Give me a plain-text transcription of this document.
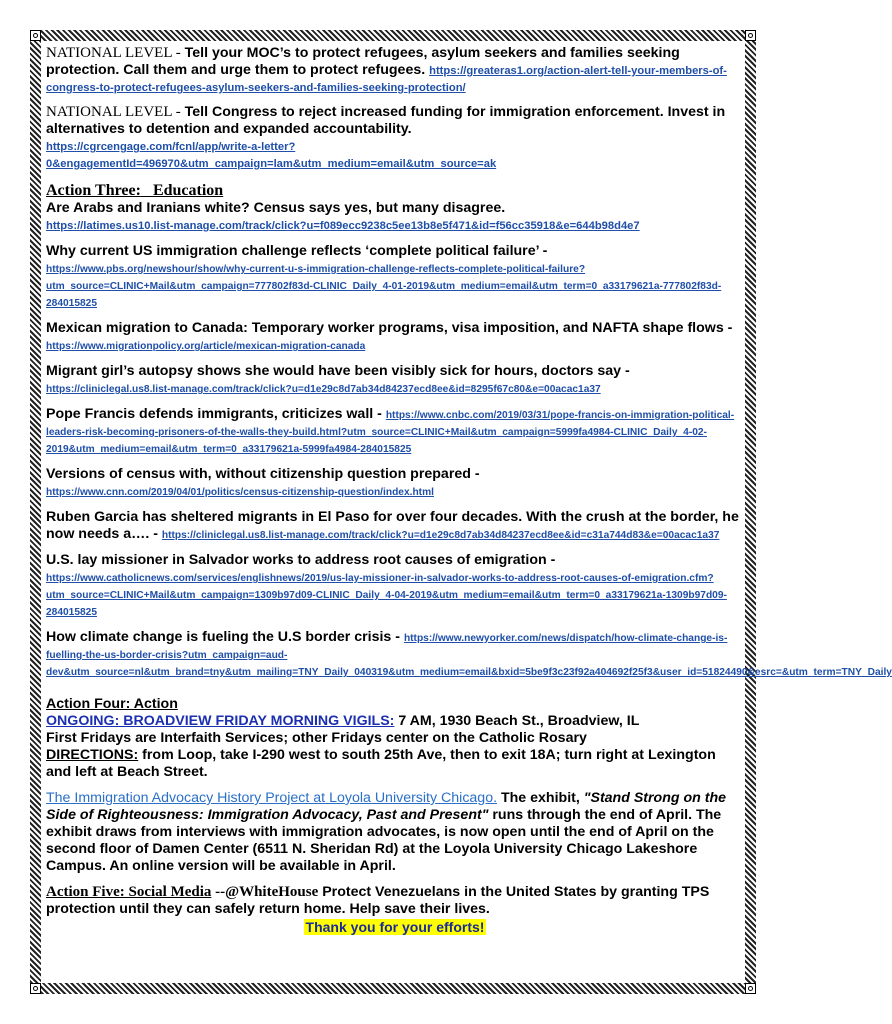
NATIONAL LEVEL - Tell your MOC’s to protect refugees, asylum seekers and families seeking protection. Call them and urge them to protect refugees. https://greateras1.org/action-alert-tell-your-members-of-congress-to-protect-refugees-asylum-seekers-and-families-seeking-protection/
NATIONAL LEVEL - Tell Congress to reject increased funding for immigration enforcement. Invest in alternatives to detention and expanded accountability.
https://cgrcengage.com/fcnl/app/write-a-letter?0&engagementId=496970&utm_campaign=lam&utm_medium=email&utm_source=ak
Action Three: Education
Are Arabs and Iranians white? Census says yes, but many disagree.
https://latimes.us10.list-manage.com/track/click?u=f089ecc9238c5ee13b8e5f471&id=f56cc35918&e=644b98d4e7
Why current US immigration challenge reflects ‘complete political failure’ -
https://www.pbs.org/newshour/show/why-current-u-s-immigration-challenge-reflects-complete-political-failure?utm_source=CLINIC+Mail&utm_campaign=777802f83d-CLINIC_Daily_4-01-2019&utm_medium=email&utm_term=0_a33179621a-777802f83d-284015825
Mexican migration to Canada: Temporary worker programs, visa imposition, and NAFTA shape flows - https://www.migrationpolicy.org/article/mexican-migration-canada
Migrant girl’s autopsy shows she would have been visibly sick for hours, doctors say -
https://cliniclegal.us8.list-manage.com/track/click?u=d1e29c8d7ab34d84237ecd8ee&id=8295f67c80&e=00acac1a37
Pope Francis defends immigrants, criticizes wall - https://www.cnbc.com/2019/03/31/pope-francis-on-immigration-political-leaders-risk-becoming-prisoners-of-the-walls-they-build.html?utm_source=CLINIC+Mail&utm_campaign=5999fa4984-CLINIC_Daily_4-02-2019&utm_medium=email&utm_term=0_a33179621a-5999fa4984-284015825
Versions of census with, without citizenship question prepared -
https://www.cnn.com/2019/04/01/politics/census-citizenship-question/index.html
Ruben Garcia has sheltered migrants in El Paso for over four decades. With the crush at the border, he now needs a…. - https://cliniclegal.us8.list-manage.com/track/click?u=d1e29c8d7ab34d84237ecd8ee&id=c31a744d83&e=00acac1a37
U.S. lay missioner in Salvador works to address root causes of emigration -
https://www.catholicnews.com/services/englishnews/2019/us-lay-missioner-in-salvador-works-to-address-root-causes-of-emigration.cfm?utm_source=CLINIC+Mail&utm_campaign=1309b97d09-CLINIC_Daily_4-04-2019&utm_medium=email&utm_term=0_a33179621a-1309b97d09-284015825
How climate change is fueling the U.S border crisis - https://www.newyorker.com/news/dispatch/how-climate-change-is-fuelling-the-us-border-crisis?utm_campaign=aud-dev&utm_source=nl&utm_brand=tny&utm_mailing=TNY_Daily_040319&utm_medium=email&bxid=5be9f3c23f92a404692f25f3&user_id=51824490&esrc=&utm_term=TNY_Daily
Action Four: Action
ONGOING: BROADVIEW FRIDAY MORNING VIGILS: 7 AM, 1930 Beach St., Broadview, IL
First Fridays are Interfaith Services; other Fridays center on the Catholic Rosary
DIRECTIONS: from Loop, take I-290 west to south 25th Ave, then to exit 18A; turn right at Lexington and left at Beach Street.
The Immigration Advocacy History Project at Loyola University Chicago. The exhibit, "Stand Strong on the Side of Righteousness: Immigration Advocacy, Past and Present" runs through the end of April. The exhibit draws from interviews with immigration advocates, is now open until the end of April on the second floor of Damen Center (6511 N. Sheridan Rd) at the Loyola University Chicago Lakeshore Campus. An online version will be available in April.
Action Five: Social Media --@WhiteHouse Protect Venezuelans in the United States by granting TPS protection until they can safely return home. Help save their lives.
Thank you for your efforts!
